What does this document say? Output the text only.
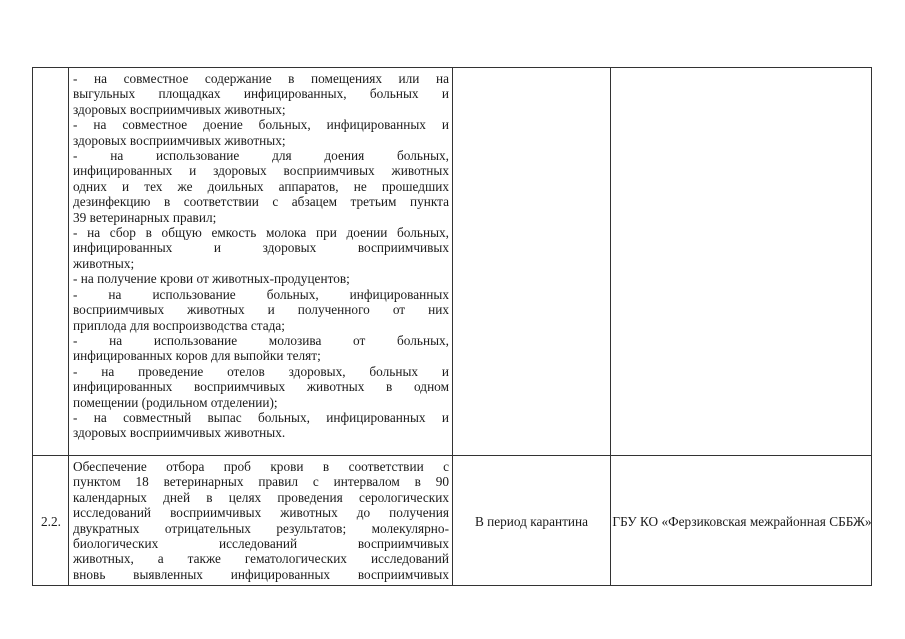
- на совместное содержание в помещениях или на
выгульных площадках инфицированных, больных и
здоровых восприимчивых животных;
- на совместное доение больных, инфицированных и
здоровых восприимчивых животных;
- на использование для доения больных,
инфицированных и здоровых восприимчивых животных
одних и тех же доильных аппаратов, не прошедших
дезинфекцию в соответствии с абзацем третьим пункта
39 ветеринарных правил;
- на сбор в общую емкость молока при доении больных,
инфицированных и здоровых восприимчивых
животных;
- на получение крови от животных-продуцентов;
- на использование больных, инфицированных
восприимчивых животных и полученного от них
приплода для воспроизводства стада;
- на использование молозива от больных,
инфицированных коров для выпойки телят;
- на проведение отелов здоровых, больных и
инфицированных восприимчивых животных в одном
помещении (родильном отделении);
- на совместный выпас больных, инфицированных и
здоровых восприимчивых животных.
2.2.
Обеспечение отбора проб крови в соответствии с
пунктом 18 ветеринарных правил с интервалом в 90
календарных дней в целях проведения серологических
исследований восприимчивых животных до получения
двукратных отрицательных результатов; молекулярно-
биологических исследований восприимчивых
животных, а также гематологических исследований
вновь выявленных инфицированных восприимчивых
В период карантина	ГБУ КО «Ферзиковская межрайонная СББЖ»
